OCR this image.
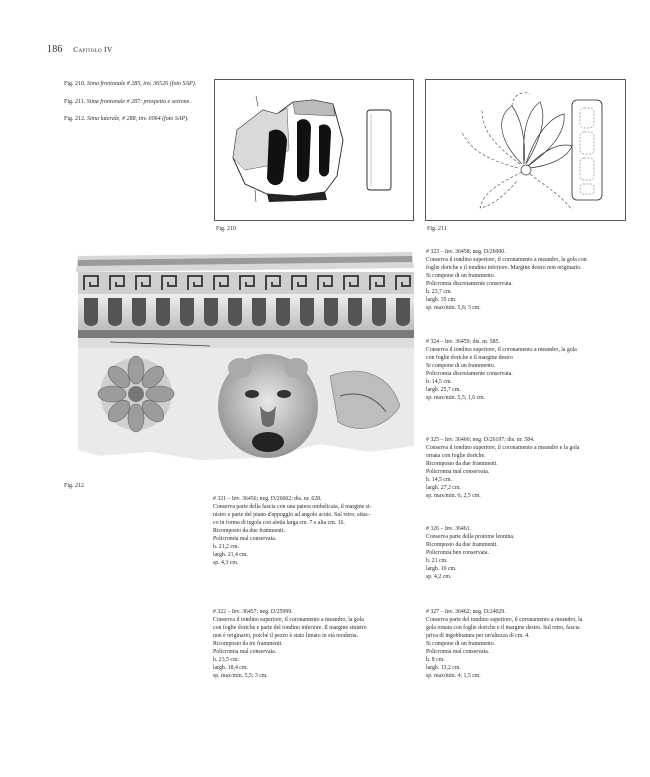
186 Capitolo IV

Fig. 210. Sima frontonale # 285, inv. 36526 (foto SAP).

Fig. 211. Sima frontonale # 287: prospetto e sezione.

Fig. 212. Sima laterale, # 288, inv. 6064 (foto SAP).

Fig. 210	Fig. 211
Fig. 212

# 321 – Inv. 36456; neg. D/26002; dis. nr. 628.

Conserva parte della fascia con una patera ombelicata, il margine si-
nistro e parte del piano d'appoggio ad angolo acuto. Sul retro, attac-
co in forma di tegola con aletta larga cm. 7 e alta cm. 16.
Ricomposto da due frammenti.
Policromia mal conservata.
h. 21,2 cm.
largh. 21,4 cm.
sp. 4,3 cm.

# 322 – Inv. 36457; neg. D/25999.

Conserva il tondino superiore, il coronamento a meandro, la gola
con foglie doriche e parte del tondino inferiore. Il margine sinistro
non è originario, poiché il pezzo è stato limato in età moderna.
Ricomposto da tre frammenti.
Policromia mal conservata.
h. 23,5 cm.
largh. 18,4 cm.
sp. max/min. 5,5; 3 cm.

# 323 – Inv. 36458; neg. D/26000.

Conserva il tondino superiore, il coronamento a meandro, la gola con
foglie doriche e il tondino inferiore. Margine destro non originario.
Si compone di un frammento.
Policromia discretamente conservata.
h. 23,7 cm.
largh. 35 cm.
sp. max/min. 5,6; 3 cm.

# 324 – Inv. 36459; dis. nr. 585.

Conserva il tondino superiore, il coronamento a meandro, la gola
con foglie doriche e il margine destro
Si compone di un frammento.
Policromia discretamente conservata.
h. 14,5 cm.
largh. 25,7 cm.
sp. max/min. 5,5; 1,6 cm.

# 325 – Inv. 36460; neg. D/26197; dis. nr. 584.

Conserva il tondino superiore, il coronamento a meandro e la gola
ornata con foglie doriche.
Ricomposto da due frammenti.
Policromia mal conservata.
h. 14,5 cm.
largh. 27,2 cm.
sp. max/min. 6; 2,5 cm.

# 326 – Inv. 36461.

Conserva parte della protome leonina.
Ricomposto da due frammenti.
Policromia ben conservata.
h. 21 cm.
largh. 10 cm.
sp. 4,2 cm.

# 327 – Inv. 36462; neg. D/24029.

Conserva parte del tondino superiore, il coronamento a meandro, la
gola ornata con foglie doriche e il margine destro. Sul retro, fascia
priva di ingobbiatura per un'altezza di cm. 4.
Si compone di un frammento.
Policromia mal conservata.
h. 8 cm.
largh. 13,2 cm.
sp. max/min. 4; 1,5 cm.
